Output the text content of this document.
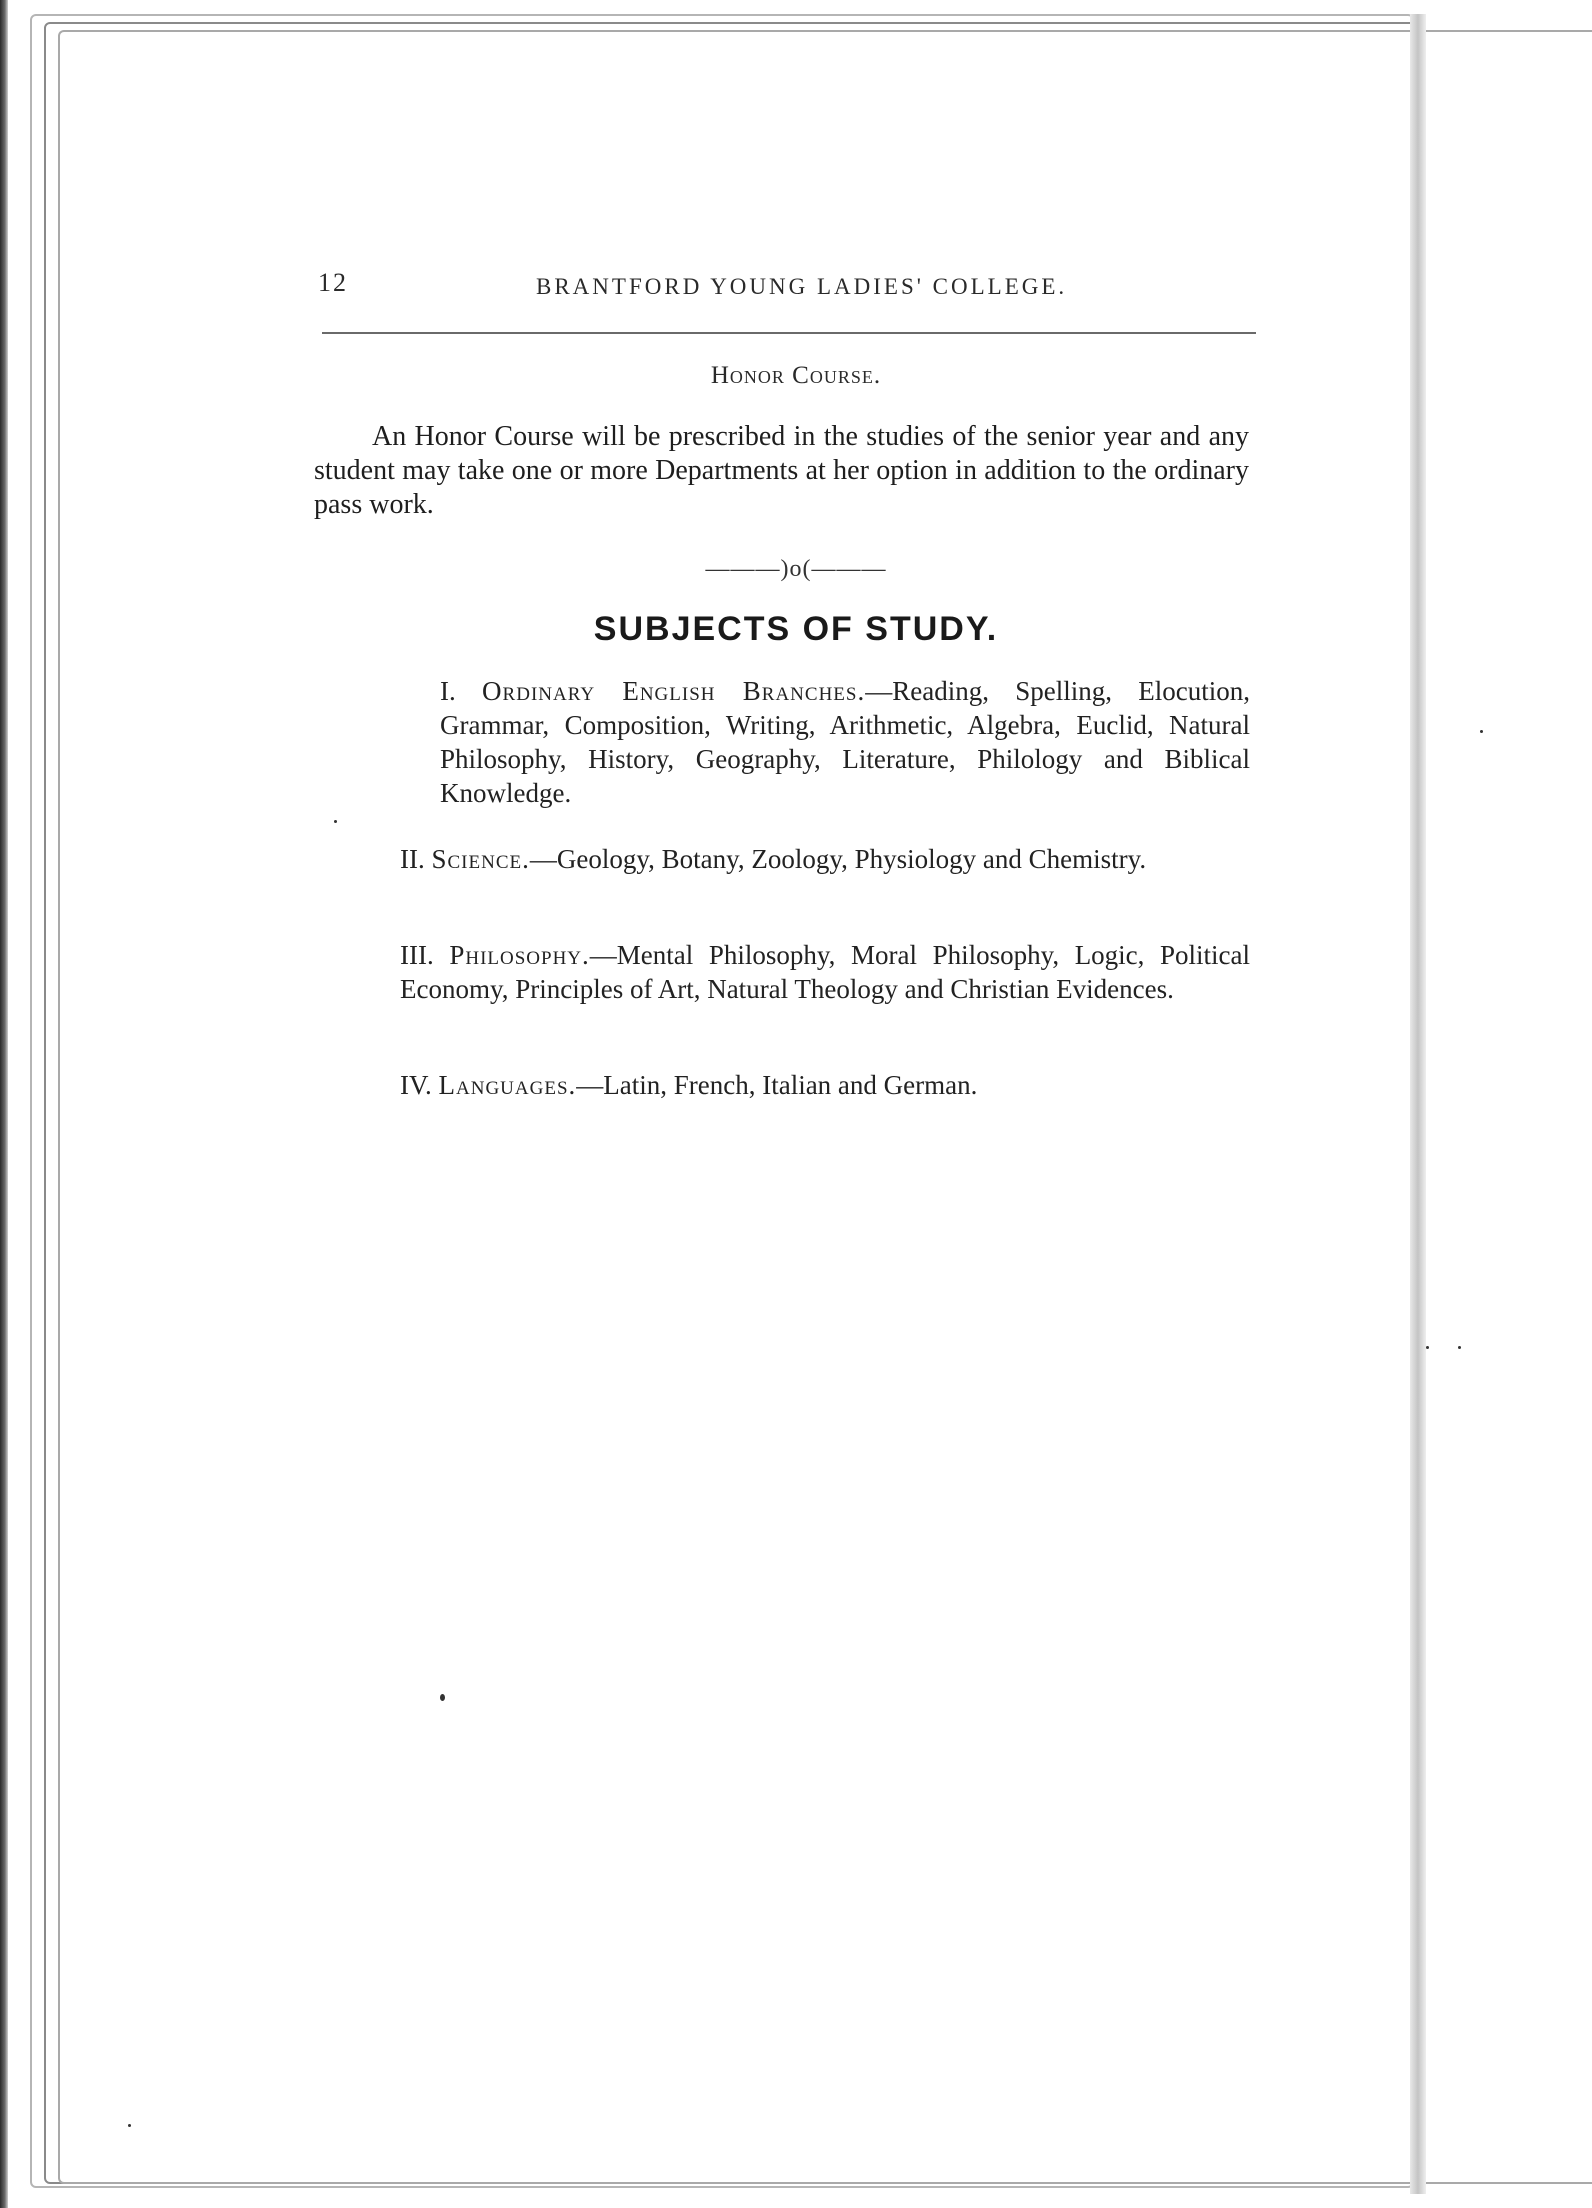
12	BRANTFORD YOUNG LADIES' COLLEGE.
Honor Course.

An Honor Course will be prescribed in the studies of the senior year and any student may take one or more Departments at her option in addition to the ordinary pass work.

———)o(———
SUBJECTS OF STUDY.
I. Ordinary English Branches.—Reading, Spelling, Elocution, Grammar, Composition, Writing, Arithmetic, Algebra, Euclid, Natural Philosophy, History, Geography, Literature, Philology and Biblical Knowledge.
II. Science.—Geology, Botany, Zoology, Physiology and Chemistry.
III. Philosophy.—Mental Philosophy, Moral Philosophy, Logic, Political Economy, Principles of Art, Natural Theology and Christian Evidences.
IV. Languages.—Latin, French, Italian and German.
